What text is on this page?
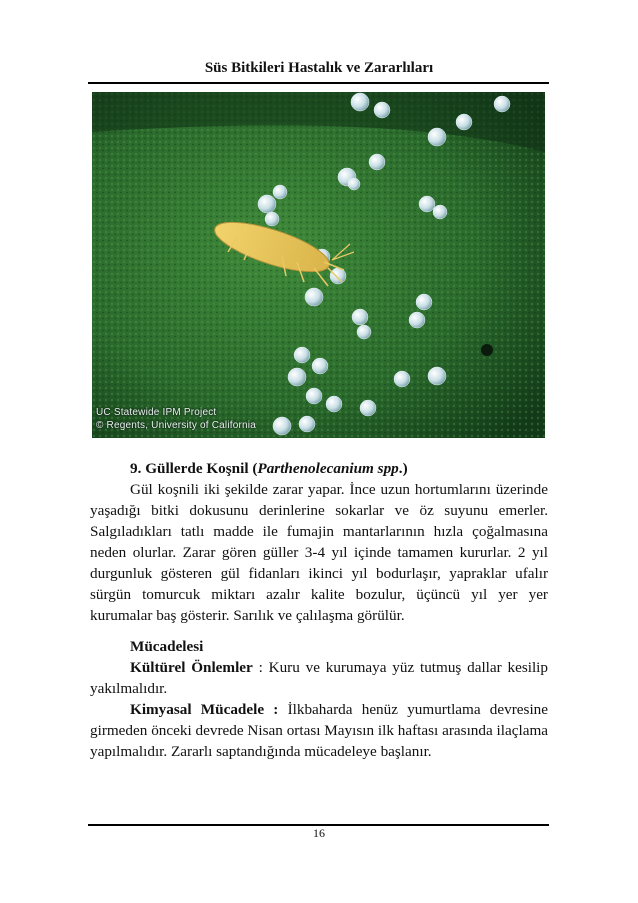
Süs Bitkileri Hastalık ve Zararlıları
UC Statewide IPM Project
© Regents, University of California

9. Güllerde Koşnil (Parthenolecanium spp.)

Gül koşnili iki şekilde zarar yapar. İnce uzun hortumlarını üzerinde yaşadığı bitki dokusunu derinlerine sokarlar ve öz suyunu emerler. Salgıladıkları tatlı madde ile fumajin mantarlarının hızla çoğalmasına neden olurlar. Zarar gören güller 3-4 yıl içinde tamamen kururlar. 2 yıl durgunluk gösteren gül fidanları ikinci yıl bodurlaşır, yapraklar ufalır sürgün tomurcuk miktarı azalır kalite bozulur, üçüncü yıl yer yer kurumalar baş gösterir. Sarılık ve çalılaşma görülür.

Mücadelesi

Kültürel Önlemler : Kuru ve kurumaya yüz tutmuş dallar kesilip yakılmalıdır.

Kimyasal Mücadele : İlkbaharda henüz yumurtlama devresine girmeden önceki devrede Nisan ortası Mayısın ilk haftası arasında ilaçlama yapılmalıdır. Zararlı saptandığında mücadeleye başlanır.

16
